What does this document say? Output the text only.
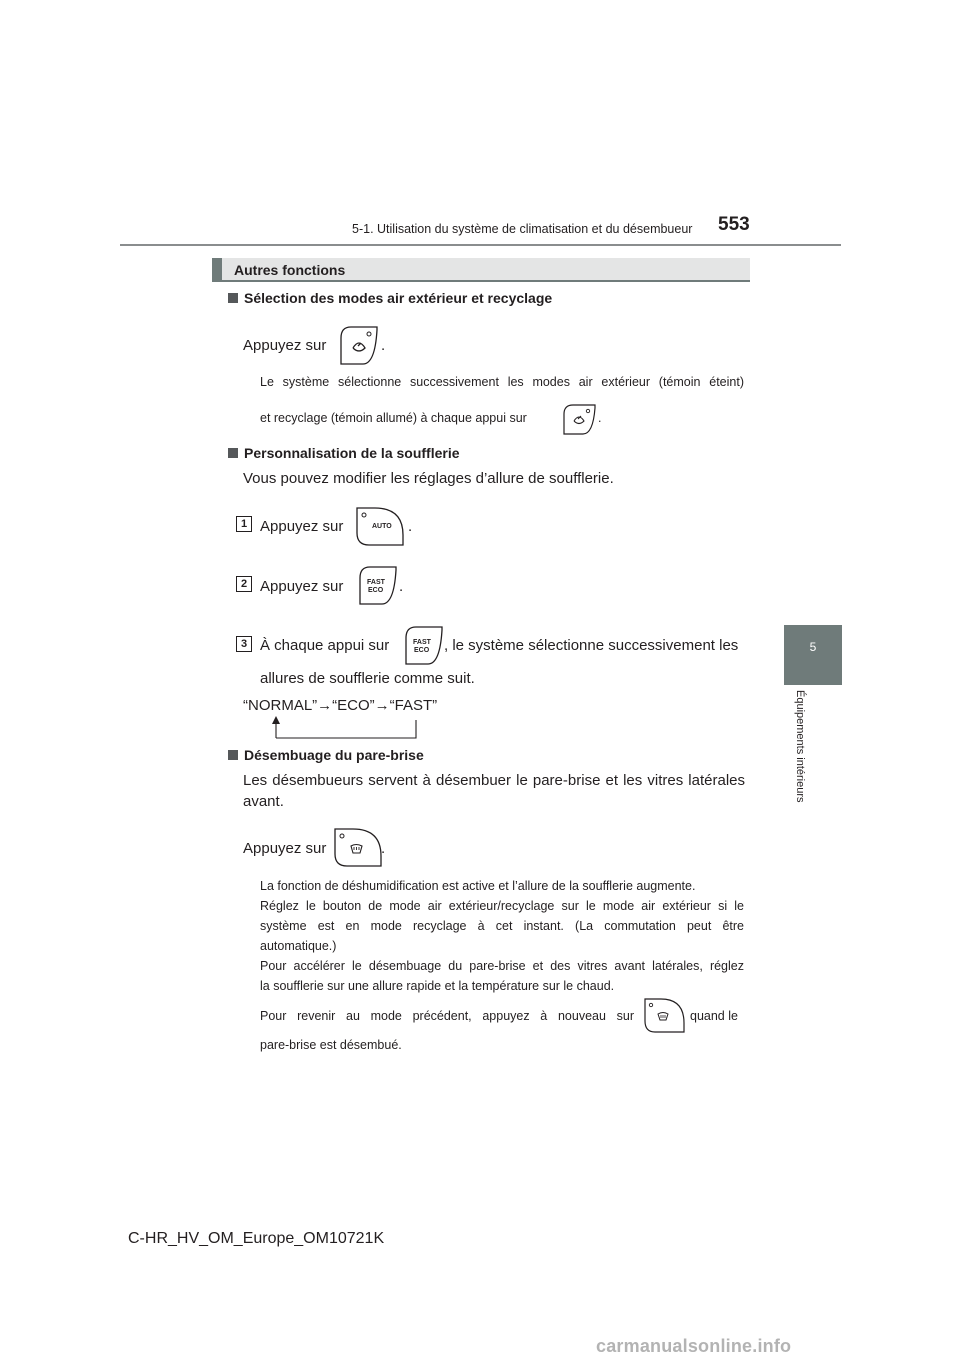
5-1. Utilisation du système de climatisation et du désembueur 553
5
Équipements intérieurs
Autres fonctions
Sélection des modes air extérieur et recyclage
Appuyez sur	.
Le système sélectionne successivement les modes air extérieur (témoin éteint)
et recyclage (témoin allumé) à chaque appui sur	.
Personnalisation de la soufflerie
Vous pouvez modifier les réglages d’allure de soufflerie.
1 Appuyez sur	AUTO .
2 Appuyez sur	FAST
ECO .
3 À chaque appui sur	FAST
ECO , le système sélectionne successivement les
allures de soufflerie comme suit.
“NORMAL”→“ECO”→“FAST”
Désembuage du pare-brise
Les désembueurs servent à désembuer le pare-brise et les vitres latérales
avant.
Appuyez sur	.
La fonction de déshumidification est active et l’allure de la soufflerie augmente.
Réglez le bouton de mode air extérieur/recyclage sur le mode air extérieur si le
système est en mode recyclage à cet instant. (La commutation peut être
automatique.)
Pour accélérer le désembuage du pare-brise et des vitres avant latérales, réglez
la soufflerie sur une allure rapide et la température sur le chaud.
Pour revenir au mode précédent, appuyez à nouveau sur	quand le
pare-brise est désembué.
C-HR_HV_OM_Europe_OM10721K
carmanualsonline.info
